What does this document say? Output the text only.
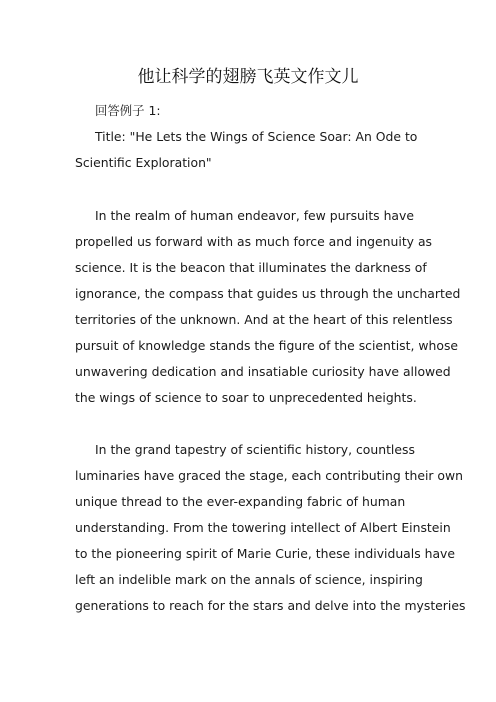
他让科学的翅膀飞英文作文儿
回答例子 1:
Title: "He Lets the Wings of Science Soar: An Ode to
Scientific Exploration"
In the realm of human endeavor, few pursuits have
propelled us forward with as much force and ingenuity as
science. It is the beacon that illuminates the darkness of
ignorance, the compass that guides us through the uncharted
territories of the unknown. And at the heart of this relentless
pursuit of knowledge stands the figure of the scientist, whose
unwavering dedication and insatiable curiosity have allowed
the wings of science to soar to unprecedented heights.
In the grand tapestry of scientific history, countless
luminaries have graced the stage, each contributing their own
unique thread to the ever-expanding fabric of human
understanding. From the towering intellect of Albert Einstein
to the pioneering spirit of Marie Curie, these individuals have
left an indelible mark on the annals of science, inspiring
generations to reach for the stars and delve into the mysteries
